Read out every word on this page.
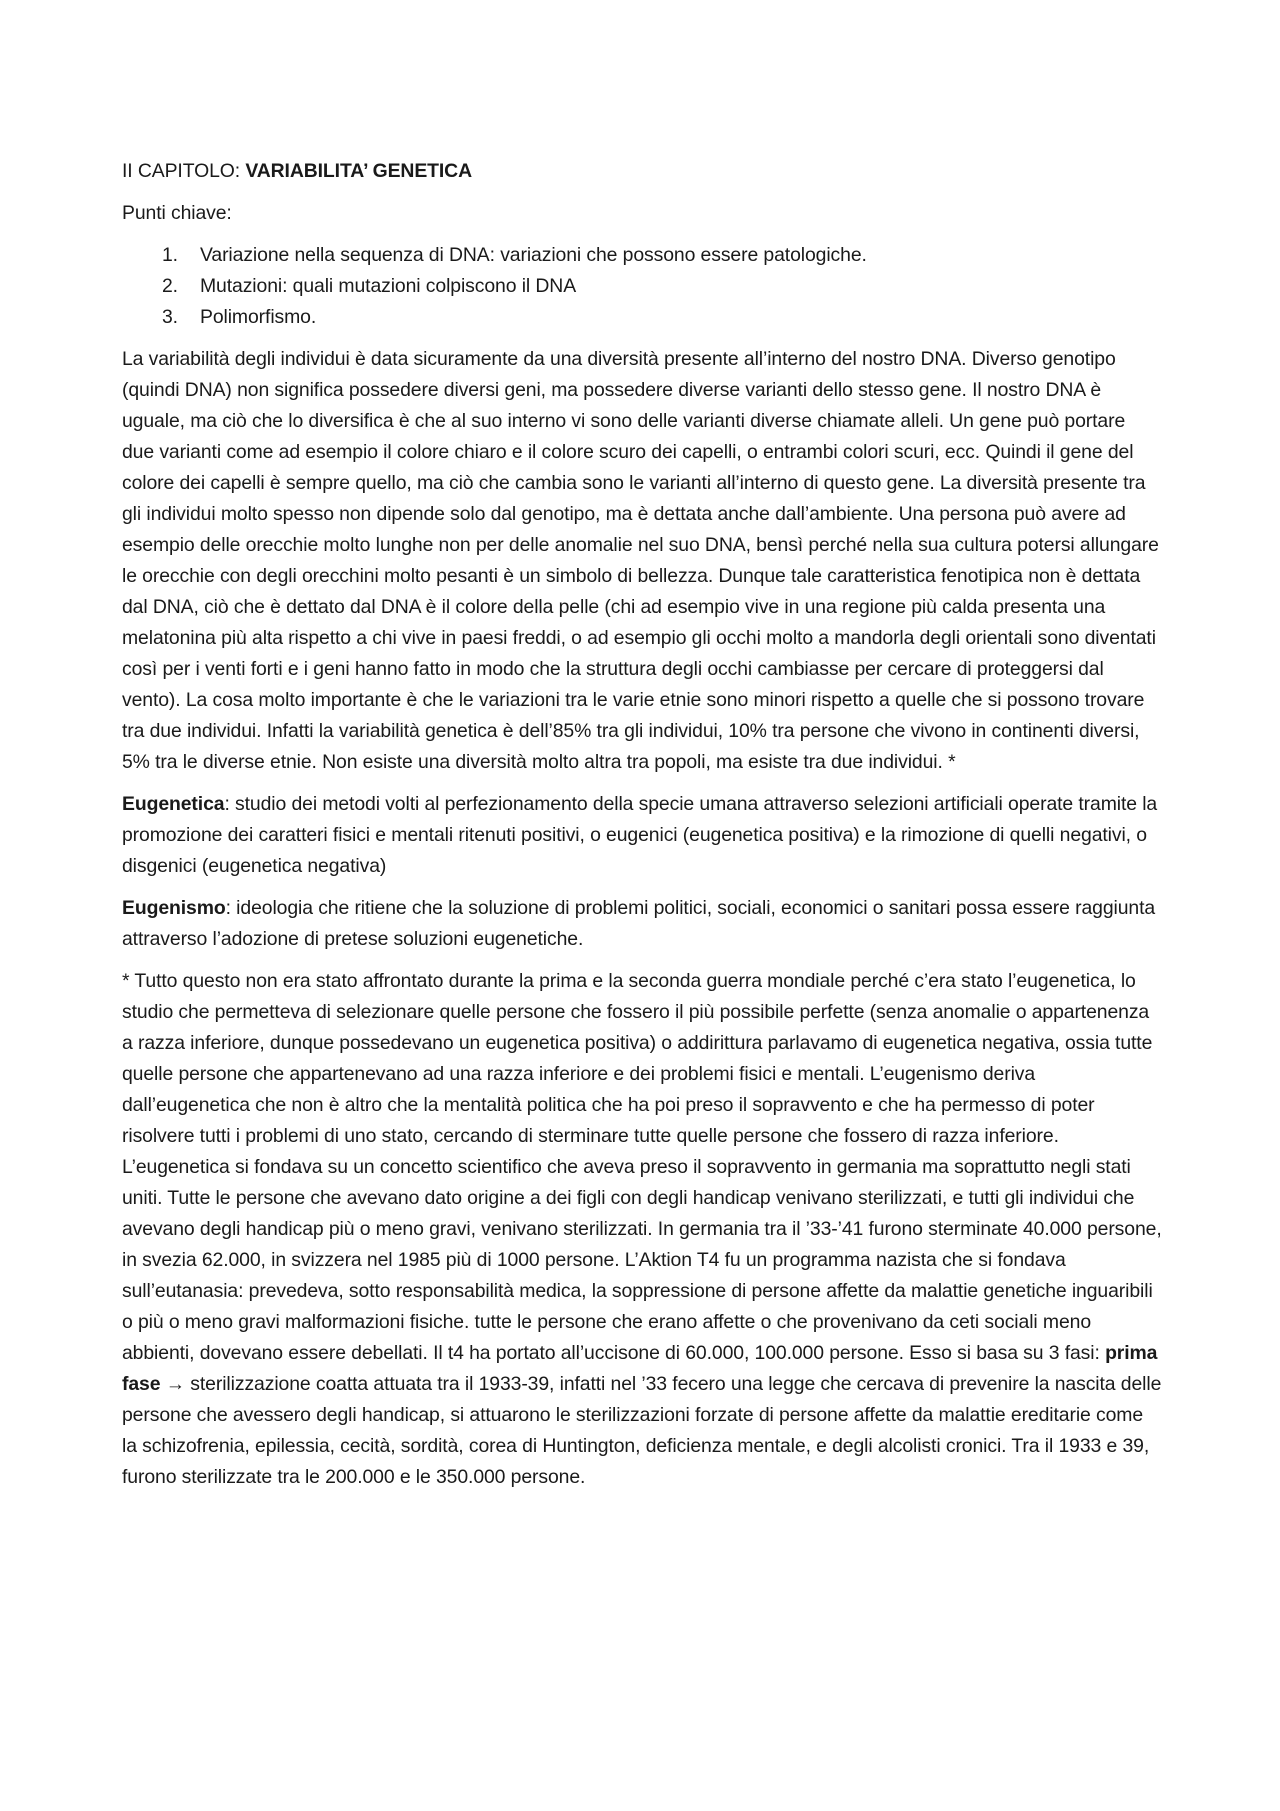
II CAPITOLO: VARIABILITA’ GENETICA
Punti chiave:
1.	Variazione nella sequenza di DNA: variazioni che possono essere patologiche.
2.	Mutazioni: quali mutazioni colpiscono il DNA
3.	Polimorfismo.

La variabilità degli individui è data sicuramente da una diversità presente all’interno del nostro DNA. Diverso genotipo (quindi DNA) non significa possedere diversi geni, ma possedere diverse varianti dello stesso gene. Il nostro DNA è uguale, ma ciò che lo diversifica è che al suo interno vi sono delle varianti diverse chiamate alleli. Un gene può portare due varianti come ad esempio il colore chiaro e il colore scuro dei capelli, o entrambi colori scuri, ecc. Quindi il gene del colore dei capelli è sempre quello, ma ciò che cambia sono le varianti all’interno di questo gene. La diversità presente tra gli individui molto spesso non dipende solo dal genotipo, ma è dettata anche dall’ambiente. Una persona può avere ad esempio delle orecchie molto lunghe non per delle anomalie nel suo DNA, bensì perché nella sua cultura potersi allungare le orecchie con degli orecchini molto pesanti è un simbolo di bellezza. Dunque tale caratteristica fenotipica non è dettata dal DNA, ciò che è dettato dal DNA è il colore della pelle (chi ad esempio vive in una regione più calda presenta una melatonina più alta rispetto a chi vive in paesi freddi, o ad esempio gli occhi molto a mandorla degli orientali sono diventati così per i venti forti e i geni hanno fatto in modo che la struttura degli occhi cambiasse per cercare di proteggersi dal vento). La cosa molto importante è che le variazioni tra le varie etnie sono minori rispetto a quelle che si possono trovare tra due individui. Infatti la variabilità genetica è dell’85% tra gli individui, 10% tra persone che vivono in continenti diversi, 5% tra le diverse etnie. Non esiste una diversità molto altra tra popoli, ma esiste tra due individui. *

Eugenetica: studio dei metodi volti al perfezionamento della specie umana attraverso selezioni artificiali operate tramite la promozione dei caratteri fisici e mentali ritenuti positivi, o eugenici (eugenetica positiva) e la rimozione di quelli negativi, o disgenici (eugenetica negativa)

Eugenismo: ideologia che ritiene che la soluzione di problemi politici, sociali, economici o sanitari possa essere raggiunta attraverso l’adozione di pretese soluzioni eugenetiche.

* Tutto questo non era stato affrontato durante la prima e la seconda guerra mondiale perché c’era stato l’eugenetica, lo studio che permetteva di selezionare quelle persone che fossero il più possibile perfette (senza anomalie o appartenenza a razza inferiore, dunque possedevano un eugenetica positiva) o addirittura parlavamo di eugenetica negativa, ossia tutte quelle persone che appartenevano ad una razza inferiore e dei problemi fisici e mentali. L’eugenismo deriva dall’eugenetica che non è altro che la mentalità politica che ha poi preso il sopravvento e che ha permesso di poter risolvere tutti i problemi di uno stato, cercando di sterminare tutte quelle persone che fossero di razza inferiore. L’eugenetica si fondava su un concetto scientifico che aveva preso il sopravvento in germania ma soprattutto negli stati uniti. Tutte le persone che avevano dato origine a dei figli con degli handicap venivano sterilizzati, e tutti gli individui che avevano degli handicap più o meno gravi, venivano sterilizzati. In germania tra il ’33-’41 furono sterminate 40.000 persone, in svezia 62.000, in svizzera nel 1985 più di 1000 persone. L’Aktion T4 fu un programma nazista che si fondava sull’eutanasia: prevedeva, sotto responsabilità medica, la soppressione di persone affette da malattie genetiche inguaribili o più o meno gravi malformazioni fisiche. tutte le persone che erano affette o che provenivano da ceti sociali meno abbienti, dovevano essere debellati. Il t4 ha portato all’uccisone di 60.000, 100.000 persone. Esso si basa su 3 fasi: prima fase → sterilizzazione coatta attuata tra il 1933-39, infatti nel ’33 fecero una legge che cercava di prevenire la nascita delle persone che avessero degli handicap, si attuarono le sterilizzazioni forzate di persone affette da malattie ereditarie come la schizofrenia, epilessia, cecità, sordità, corea di Huntington, deficienza mentale, e degli alcolisti cronici. Tra il 1933 e 39, furono sterilizzate tra le 200.000 e le 350.000 persone.
